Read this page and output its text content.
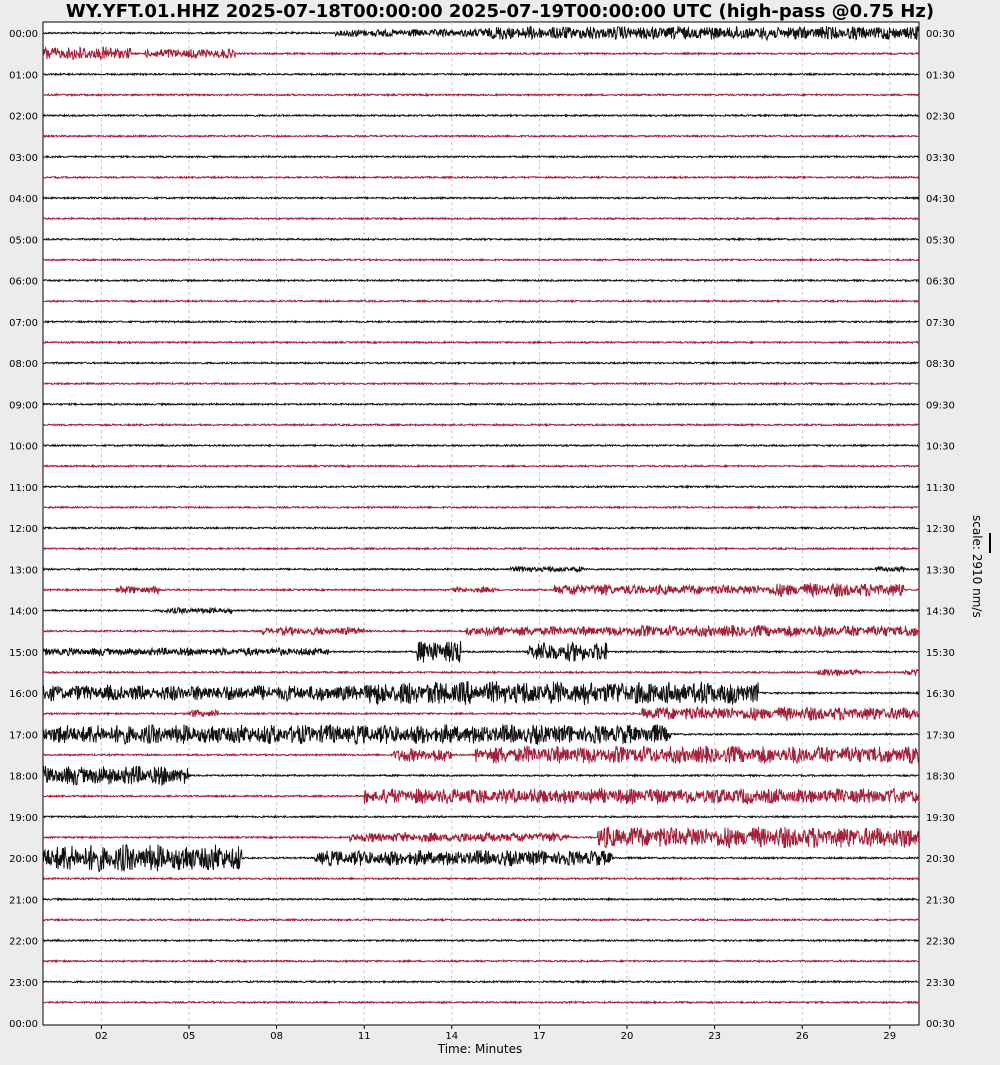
WY.YFT.01.HHZ 2025-07-18T00:00:00 2025-07-19T00:00:00 UTC (high-pass @0.75 Hz)
00:00
01:00
02:00
03:00
04:00
05:00
06:00
07:00
08:00
09:00
10:00
11:00
12:00
13:00
14:00
15:00
16:00
17:00
18:00
19:00
20:00
21:00
22:00
23:00
00:00
00:30
01:30
02:30
03:30
04:30
05:30
06:30
07:30
08:30
09:30
10:30
11:30
12:30
13:30
14:30
15:30
16:30
17:30
18:30
19:30
20:30
21:30
22:30
23:30
00:30
02	05	08	11	14	17	20	23	26	29
scale: 2910 nm/s
Time: Minutes
